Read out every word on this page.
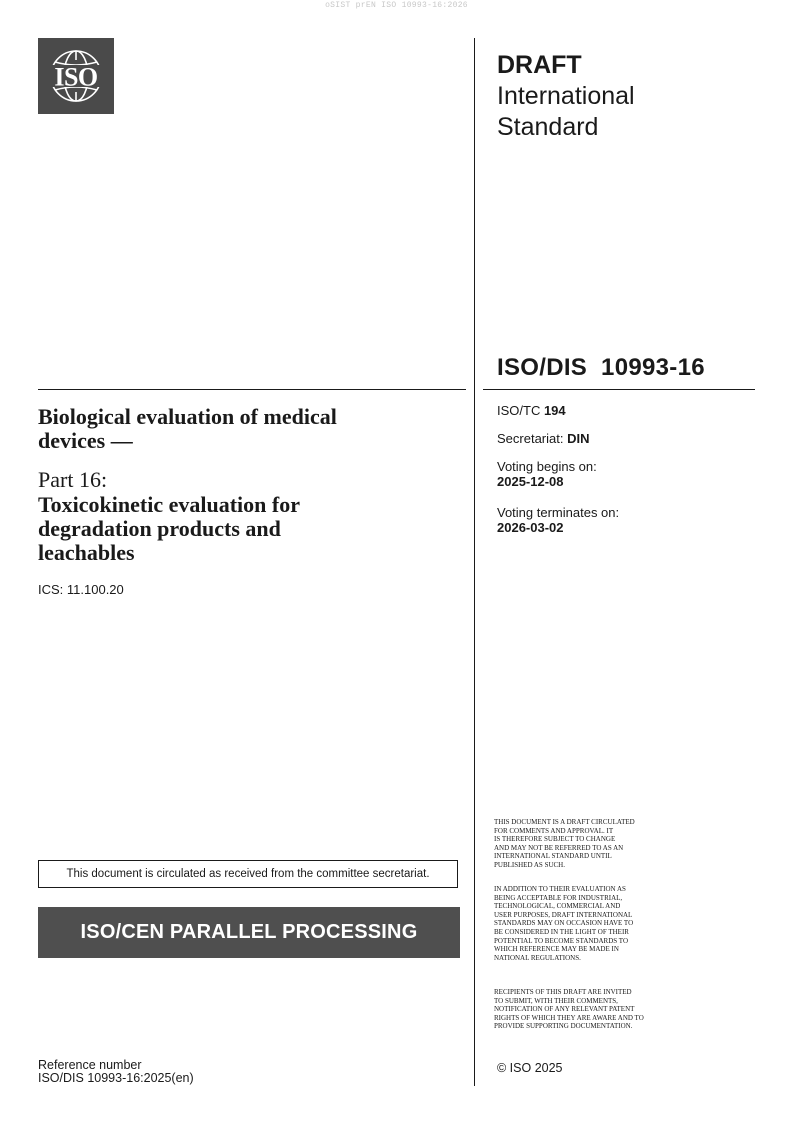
oSIST prEN ISO 10993-16:2026
ISO	DRAFT
International
Standard
ISO/DIS  10993-16
ISO/TC 194
Secretariat: DIN
Voting begins on:
2025-12-08
Voting terminates on:
2026-03-02
Biological evaluation of medical
devices —
Part 16:
Toxicokinetic evaluation for
degradation products and
leachables
ICS: 11.100.20
This document is circulated as received from the committee secretariat.
ISO/CEN PARALLEL PROCESSING
Reference number
ISO/DIS 10993-16:2025(en)
THIS DOCUMENT IS A DRAFT CIRCULATED
FOR COMMENTS AND APPROVAL. IT
IS THEREFORE SUBJECT TO CHANGE
AND MAY NOT BE REFERRED TO AS AN
INTERNATIONAL STANDARD UNTIL
PUBLISHED AS SUCH.
IN ADDITION TO THEIR EVALUATION AS
BEING ACCEPTABLE FOR INDUSTRIAL,
TECHNOLOGICAL, COMMERCIAL AND
USER PURPOSES, DRAFT INTERNATIONAL
STANDARDS MAY ON OCCASION HAVE TO
BE CONSIDERED IN THE LIGHT OF THEIR
POTENTIAL TO BECOME STANDARDS TO
WHICH REFERENCE MAY BE MADE IN
NATIONAL REGULATIONS.
RECIPIENTS OF THIS DRAFT ARE INVITED
TO SUBMIT, WITH THEIR COMMENTS,
NOTIFICATION OF ANY RELEVANT PATENT
RIGHTS OF WHICH THEY ARE AWARE AND TO
PROVIDE SUPPORTING DOCUMENTATION.
© ISO 2025
